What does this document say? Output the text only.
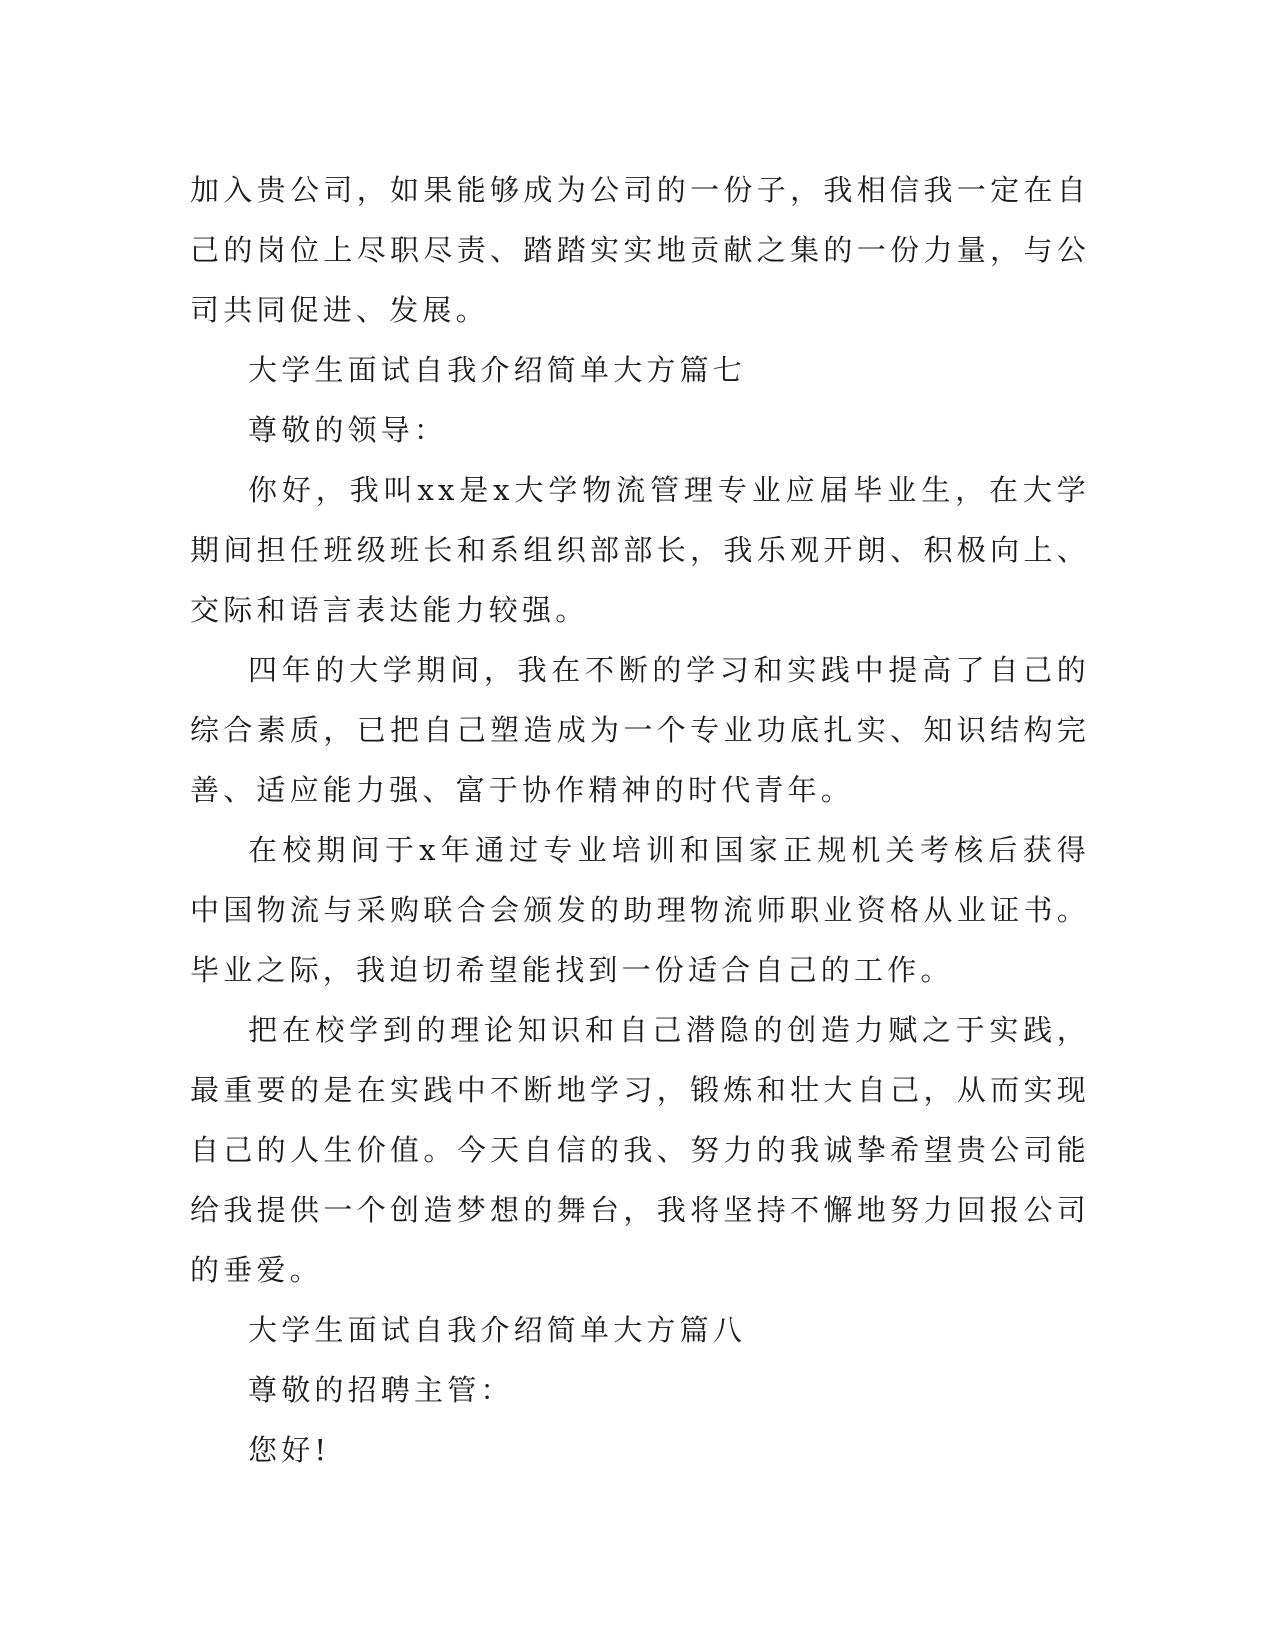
加入贵公司，如果能够成为公司的一份子，我相信我一定在自己的岗位上尽职尽责、踏踏实实地贡献之集的一份力量，与公司共同促进、发展。

大学生面试自我介绍简单大方篇七

尊敬的领导：

你好，我叫xx是x大学物流管理专业应届毕业生，在大学期间担任班级班长和系组织部部长，我乐观开朗、积极向上、交际和语言表达能力较强。

四年的大学期间，我在不断的学习和实践中提高了自己的综合素质，已把自己塑造成为一个专业功底扎实、知识结构完善、适应能力强、富于协作精神的时代青年。

在校期间于x年通过专业培训和国家正规机关考核后获得中国物流与采购联合会颁发的助理物流师职业资格从业证书。毕业之际，我迫切希望能找到一份适合自己的工作。

把在校学到的理论知识和自己潜隐的创造力赋之于实践，最重要的是在实践中不断地学习，锻炼和壮大自己，从而实现自己的人生价值。今天自信的我、努力的我诚挚希望贵公司能给我提供一个创造梦想的舞台，我将坚持不懈地努力回报公司的垂爱。

大学生面试自我介绍简单大方篇八

尊敬的招聘主管：

您好!
